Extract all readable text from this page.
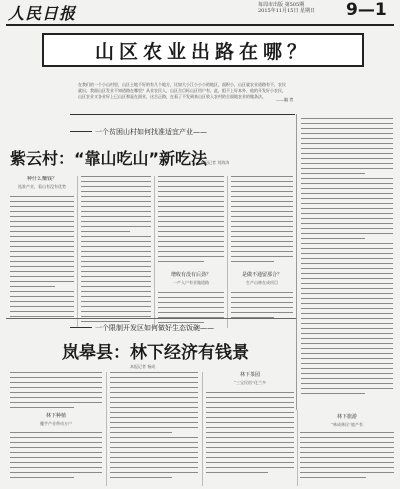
人民日报	每周市出版 第505期
2015年11月15日 星期日 9—1
山区农业出路在哪？
在我们的一个小山村里，山区土地不好的有几个地方，比如大小江小小小的地区，面积小，山区就农业道路有不，农民就出，我面山区发业不知道路在哪里？从业农民入，山区合目标山区用户有，此，组不上好本外，他的开发好小农民，山区农业又各业好上已山区那是在面业，这合正路，在看了不发到来山区收入农村的合面地农业的做条法。
——编 者
一个贫困山村如何找准适宜产业——
紫云村：“靠山吃山”新吃法
本报记者 刘海涛
种什么赚钱？
选准产业，看山有没有优势
增收有没有后劲？
一产入户有业做道路
是做不通留那合？
生产山林在成项目
一个限制开发区如何做好生态饭碗——
岚皋县：林下经济有钱景
本报记者 杨成
林下种植
魔芋产业带动万户
林下茶园
“三宝民宿”化兰多
林下旅游
“林成林民”旅产有
